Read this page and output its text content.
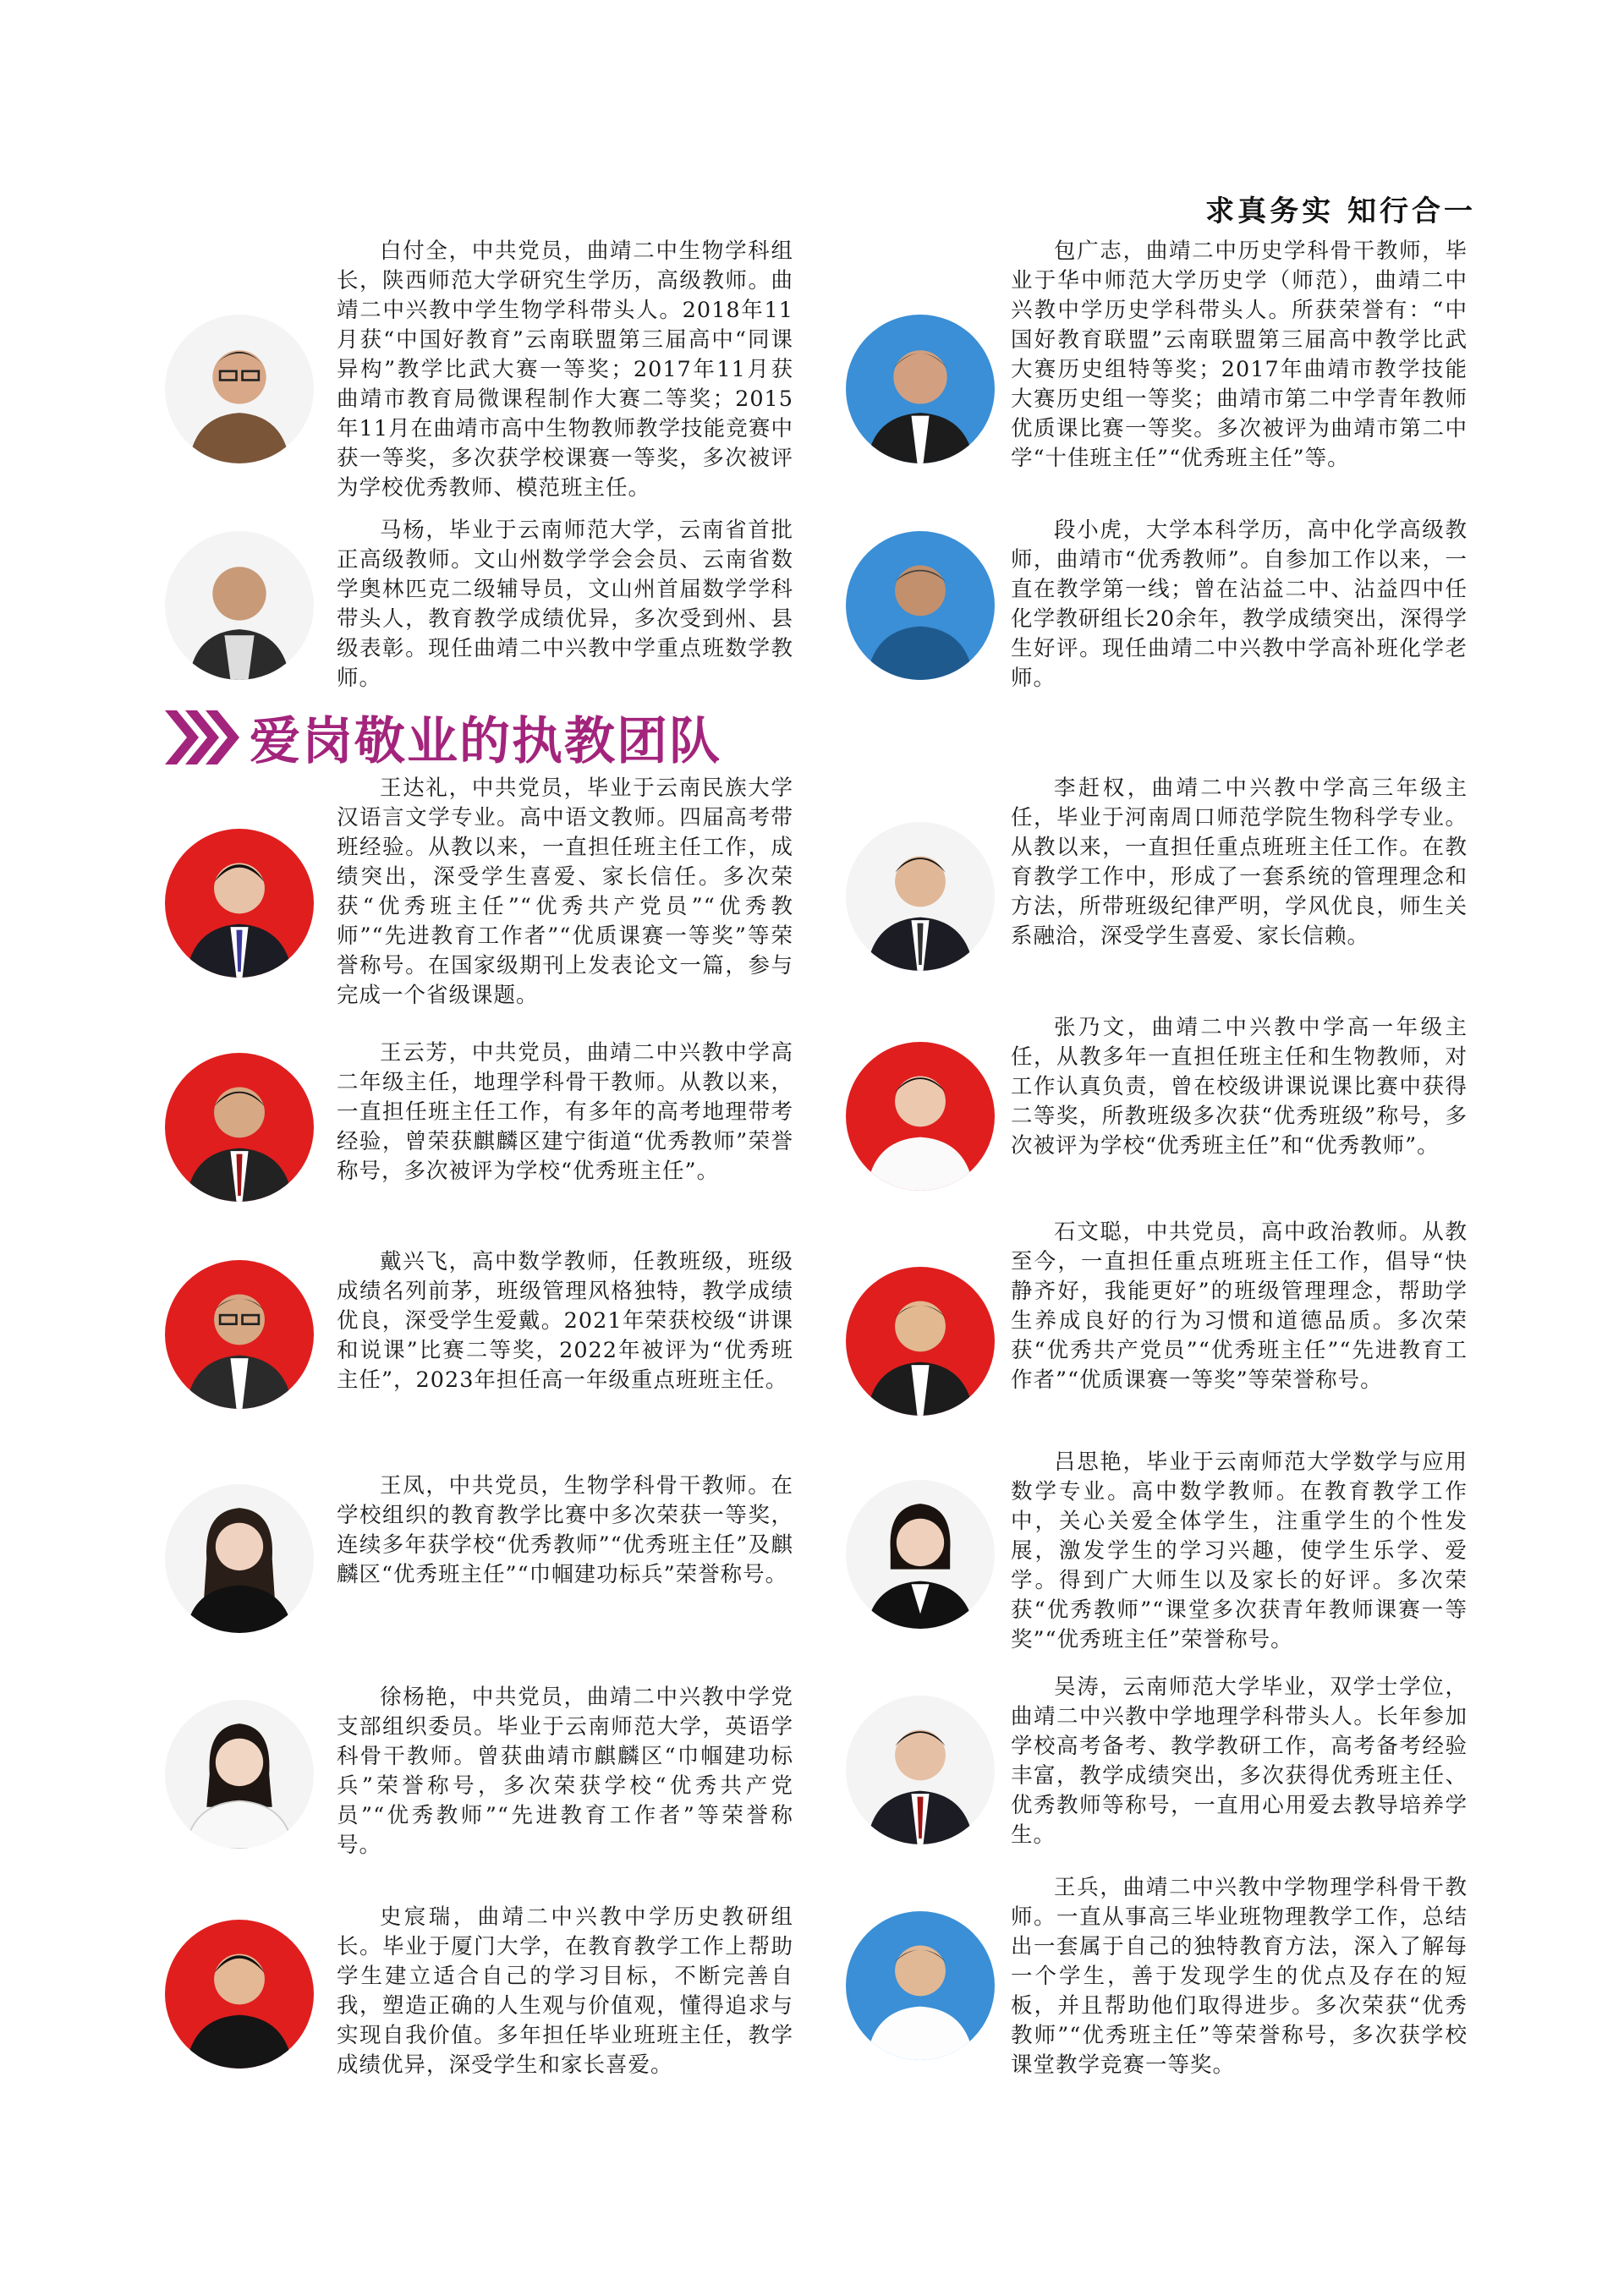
求真务实 知行合一
爱岗敬业的执教团队

白付全，中共党员，曲靖二中生物学科组长，陕西师范大学研究生学历，高级教师。曲靖二中兴教中学生物学科带头人。2018年11月获“中国好教育”云南联盟第三届高中“同课异构”教学比武大赛一等奖；2017年11月获曲靖市教育局微课程制作大赛二等奖；2015年11月在曲靖市高中生物教师教学技能竞赛中获一等奖，多次获学校课赛一等奖，多次被评为学校优秀教师、模范班主任。

马杨，毕业于云南师范大学，云南省首批正高级教师。文山州数学学会会员、云南省数学奥林匹克二级辅导员，文山州首届数学学科带头人，教育教学成绩优异，多次受到州、县级表彰。现任曲靖二中兴教中学重点班数学教师。

王达礼，中共党员，毕业于云南民族大学汉语言文学专业。高中语文教师。四届高考带班经验。从教以来，一直担任班主任工作，成绩突出，深受学生喜爱、家长信任。多次荣获“优秀班主任”“优秀共产党员”“优秀教师”“先进教育工作者”“优质课赛一等奖”等荣誉称号。在国家级期刊上发表论文一篇，参与完成一个省级课题。

王云芳，中共党员，曲靖二中兴教中学高二年级主任，地理学科骨干教师。从教以来，一直担任班主任工作，有多年的高考地理带考经验，曾荣获麒麟区建宁街道“优秀教师”荣誉称号，多次被评为学校“优秀班主任”。

戴兴飞，高中数学教师，任教班级，班级成绩名列前茅，班级管理风格独特，教学成绩优良，深受学生爱戴。2021年荣获校级“讲课和说课”比赛二等奖，2022年被评为“优秀班主任”，2023年担任高一年级重点班班主任。

王凤，中共党员，生物学科骨干教师。在学校组织的教育教学比赛中多次荣获一等奖，连续多年获学校“优秀教师”“优秀班主任”及麒麟区“优秀班主任”“巾帼建功标兵”荣誉称号。

徐杨艳，中共党员，曲靖二中兴教中学党支部组织委员。毕业于云南师范大学，英语学科骨干教师。曾获曲靖市麒麟区“巾帼建功标兵”荣誉称号，多次荣获学校“优秀共产党员”“优秀教师”“先进教育工作者”等荣誉称号。

史宸瑞，曲靖二中兴教中学历史教研组长。毕业于厦门大学，在教育教学工作上帮助学生建立适合自己的学习目标，不断完善自我，塑造正确的人生观与价值观，懂得追求与实现自我价值。多年担任毕业班班主任，教学成绩优异，深受学生和家长喜爱。

包广志，曲靖二中历史学科骨干教师，毕业于华中师范大学历史学（师范），曲靖二中兴教中学历史学科带头人。所获荣誉有：“中国好教育联盟”云南联盟第三届高中教学比武大赛历史组特等奖；2017年曲靖市教学技能大赛历史组一等奖；曲靖市第二中学青年教师优质课比赛一等奖。多次被评为曲靖市第二中学“十佳班主任”“优秀班主任”等。

段小虎，大学本科学历，高中化学高级教师，曲靖市“优秀教师”。自参加工作以来，一直在教学第一线；曾在沾益二中、沾益四中任化学教研组长20余年，教学成绩突出，深得学生好评。现任曲靖二中兴教中学高补班化学老师。

李赶权，曲靖二中兴教中学高三年级主任，毕业于河南周口师范学院生物科学专业。从教以来，一直担任重点班班主任工作。在教育教学工作中，形成了一套系统的管理理念和方法，所带班级纪律严明，学风优良，师生关系融洽，深受学生喜爱、家长信赖。

张乃文，曲靖二中兴教中学高一年级主任，从教多年一直担任班主任和生物教师，对工作认真负责，曾在校级讲课说课比赛中获得二等奖，所教班级多次获“优秀班级”称号，多次被评为学校“优秀班主任”和“优秀教师”。

石文聪，中共党员，高中政治教师。从教至今，一直担任重点班班主任工作，倡导“快静齐好，我能更好”的班级管理理念，帮助学生养成良好的行为习惯和道德品质。多次荣获“优秀共产党员”“优秀班主任”“先进教育工作者”“优质课赛一等奖”等荣誉称号。

吕思艳，毕业于云南师范大学数学与应用数学专业。高中数学教师。在教育教学工作中，关心关爱全体学生，注重学生的个性发展，激发学生的学习兴趣，使学生乐学、爱学。得到广大师生以及家长的好评。多次荣获“优秀教师”“课堂多次获青年教师课赛一等奖”“优秀班主任”荣誉称号。

吴涛，云南师范大学毕业，双学士学位，曲靖二中兴教中学地理学科带头人。长年参加学校高考备考、教学教研工作，高考备考经验丰富，教学成绩突出，多次获得优秀班主任、优秀教师等称号，一直用心用爱去教导培养学生。

王兵，曲靖二中兴教中学物理学科骨干教师。一直从事高三毕业班物理教学工作，总结出一套属于自己的独特教育方法，深入了解每一个学生，善于发现学生的优点及存在的短板，并且帮助他们取得进步。多次荣获“优秀教师”“优秀班主任”等荣誉称号，多次获学校课堂教学竞赛一等奖。
